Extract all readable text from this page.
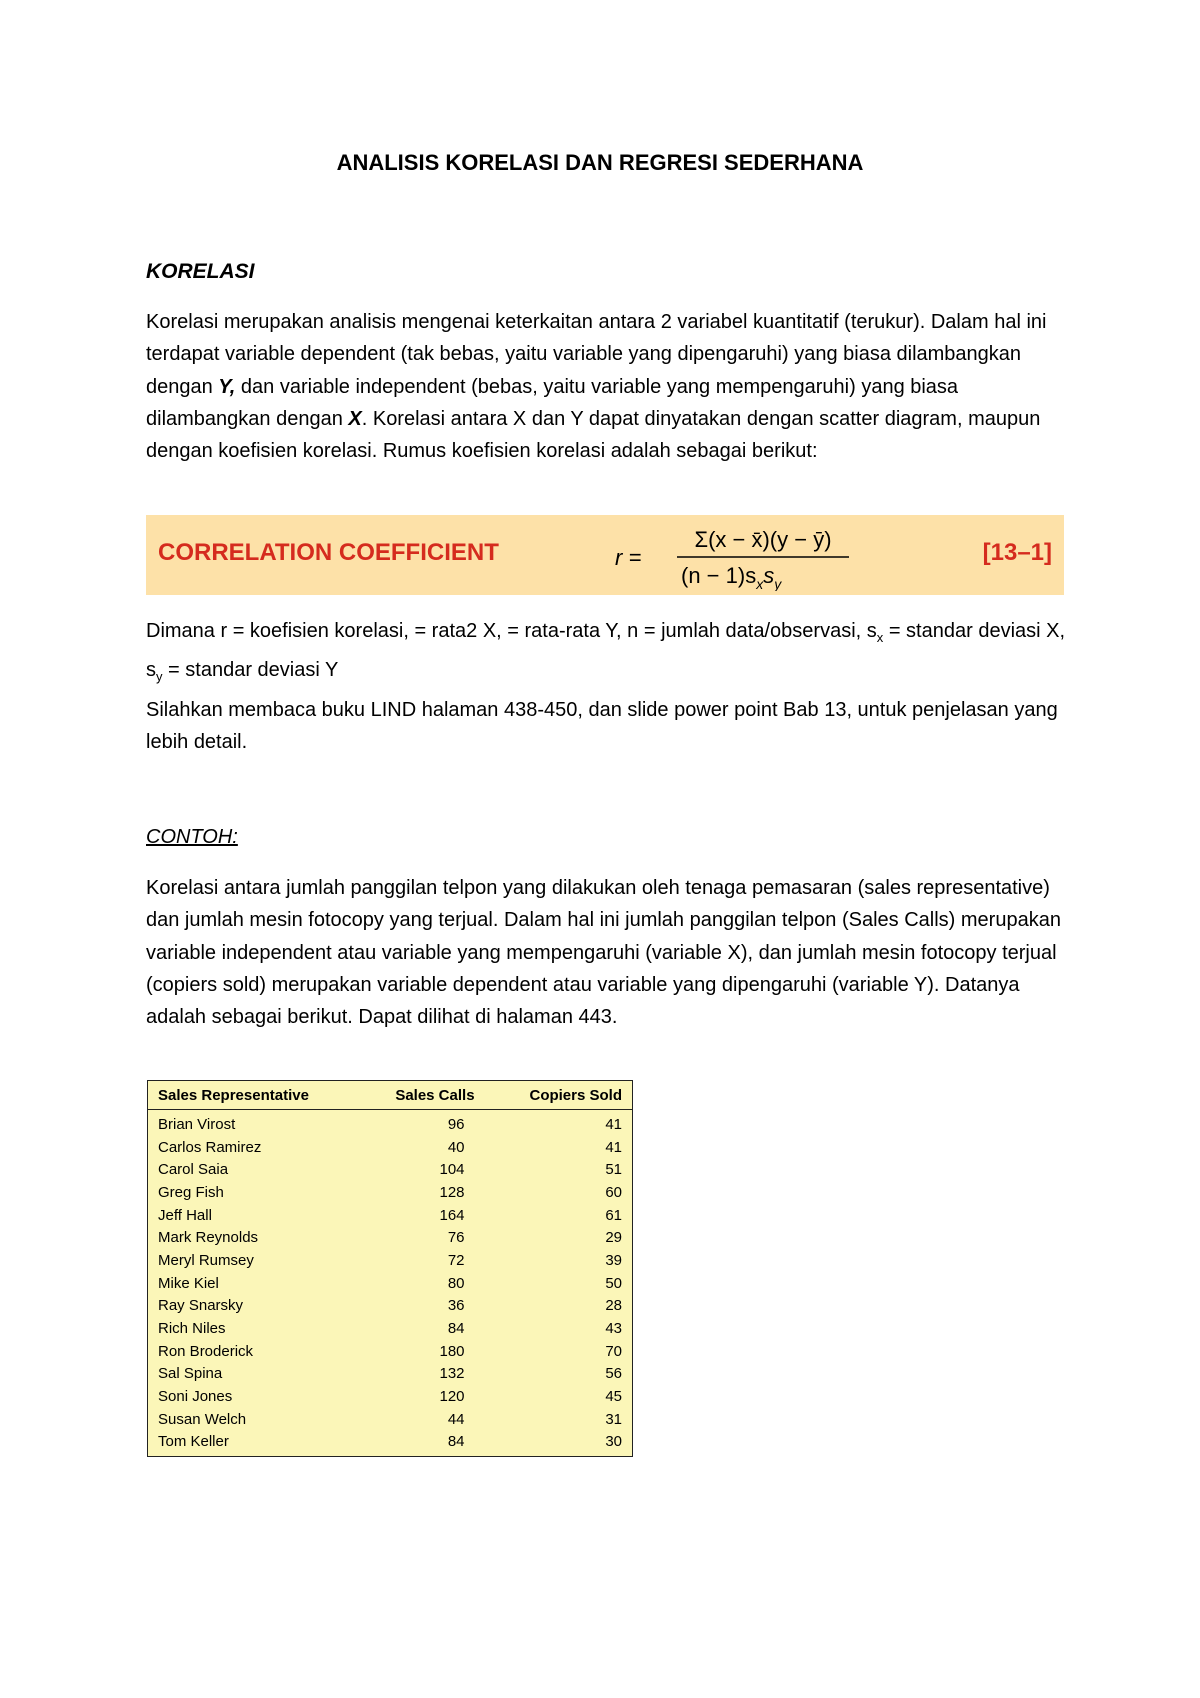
ANALISIS KORELASI DAN REGRESI SEDERHANA
KORELASI
Korelasi merupakan analisis mengenai keterkaitan antara 2 variabel kuantitatif (terukur). Dalam hal ini terdapat variable dependent (tak bebas, yaitu variable yang dipengaruhi) yang biasa dilambangkan dengan Y, dan variable independent (bebas, yaitu variable yang mempengaruhi) yang biasa dilambangkan dengan X. Korelasi antara X dan Y dapat dinyatakan dengan scatter diagram, maupun dengan koefisien korelasi. Rumus koefisien korelasi adalah sebagai berikut:
CORRELATION COEFFICIENT	r =
Σ(x − x̄)(y − ȳ)
$(n - 1)s_xs_y$
[13–1]
Dimana r = koefisien korelasi, = rata2 X, = rata-rata Y, n = jumlah data/observasi, $s_x$ = standar deviasi X, $s_y$ = standar deviasi Y
Silahkan membaca buku LIND halaman 438-450, dan slide power point Bab 13, untuk penjelasan yang lebih detail.
CONTOH:
Korelasi antara jumlah panggilan telpon yang dilakukan oleh tenaga pemasaran (sales representative) dan jumlah mesin fotocopy yang terjual. Dalam hal ini jumlah panggilan telpon (Sales Calls) merupakan variable independent atau variable yang mempengaruhi (variable X), dan jumlah mesin fotocopy terjual (copiers sold) merupakan variable dependent atau variable yang dipengaruhi (variable Y). Datanya adalah sebagai berikut. Dapat dilihat di halaman 443.
Sales Representative	Sales Calls	Copiers Sold
Brian Virost	96	41
Carlos Ramirez	40	41
Carol Saia	104	51
Greg Fish	128	60
Jeff Hall	164	61
Mark Reynolds	76	29
Meryl Rumsey	72	39
Mike Kiel	80	50
Ray Snarsky	36	28
Rich Niles	84	43
Ron Broderick	180	70
Sal Spina	132	56
Soni Jones	120	45
Susan Welch	44	31
Tom Keller	84	30
